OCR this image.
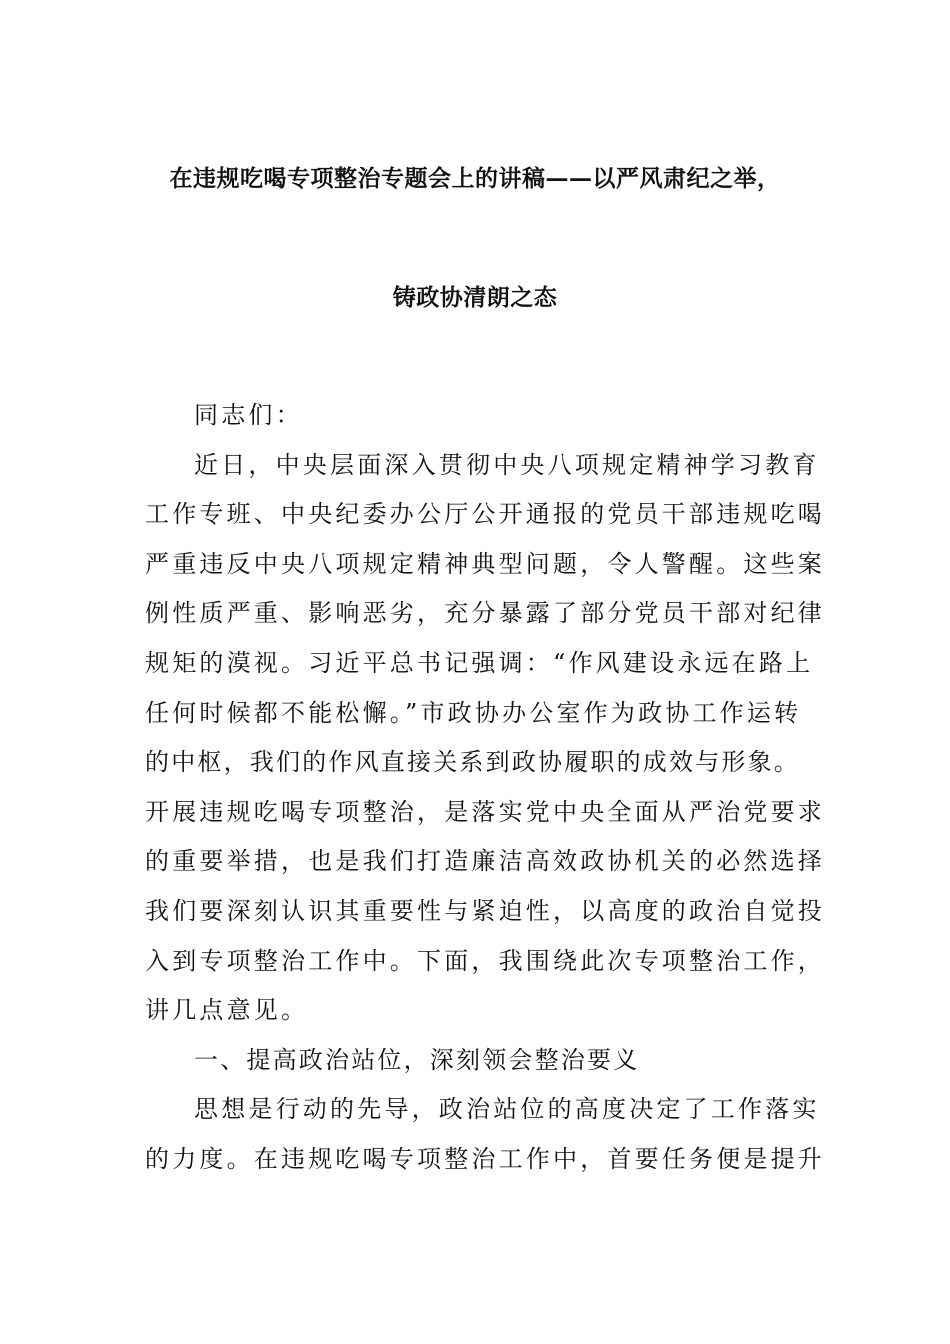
在违规吃喝专项整治专题会上的讲稿——以严风肃纪之举，
铸政协清朗之态
同志们：
近日，中央层面深入贯彻中央八项规定精神学习教育
工作专班、中央纪委办公厅公开通报的党员干部违规吃喝
严重违反中央八项规定精神典型问题，令人警醒。这些案
例性质严重、影响恶劣，充分暴露了部分党员干部对纪律
规矩的漠视。习近平总书记强调：“作风建设永远在路上
任何时候都不能松懈。”市政协办公室作为政协工作运转
的中枢，我们的作风直接关系到政协履职的成效与形象。
开展违规吃喝专项整治，是落实党中央全面从严治党要求
的重要举措，也是我们打造廉洁高效政协机关的必然选择
我们要深刻认识其重要性与紧迫性，以高度的政治自觉投
入到专项整治工作中。下面，我围绕此次专项整治工作，
讲几点意见。
一、提高政治站位，深刻领会整治要义
思想是行动的先导，政治站位的高度决定了工作落实
的力度。在违规吃喝专项整治工作中，首要任务便是提升
